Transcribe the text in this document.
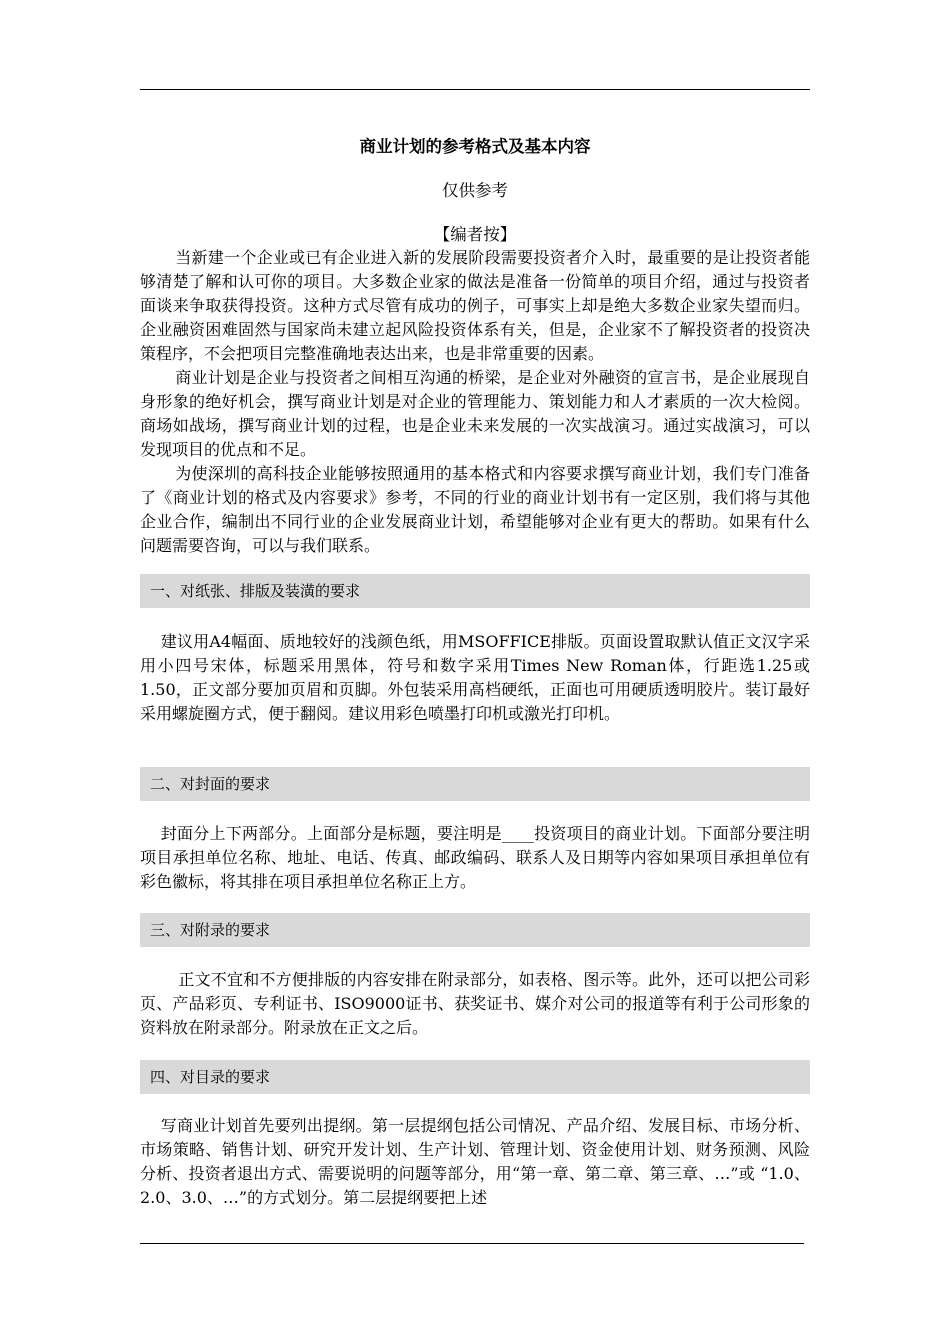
商业计划的参考格式及基本内容
仅供参考
【编者按】

当新建一个企业或已有企业进入新的发展阶段需要投资者介入时，最重要的是让投资者能够清楚了解和认可你的项目。大多数企业家的做法是准备一份简单的项目介绍，通过与投资者面谈来争取获得投资。这种方式尽管有成功的例子，可事实上却是绝大多数企业家失望而归。企业融资困难固然与国家尚未建立起风险投资体系有关，但是，企业家不了解投资者的投资决策程序，不会把项目完整准确地表达出来，也是非常重要的因素。

商业计划是企业与投资者之间相互沟通的桥梁，是企业对外融资的宣言书，是企业展现自身形象的绝好机会，撰写商业计划是对企业的管理能力、策划能力和人才素质的一次大检阅。商场如战场，撰写商业计划的过程，也是企业未来发展的一次实战演习。通过实战演习，可以发现项目的优点和不足。

为使深圳的高科技企业能够按照通用的基本格式和内容要求撰写商业计划，我们专门准备了《商业计划的格式及内容要求》参考，不同的行业的商业计划书有一定区别，我们将与其他企业合作，编制出不同行业的企业发展商业计划，希望能够对企业有更大的帮助。如果有什么问题需要咨询，可以与我们联系。

一、对纸张、排版及装潢的要求

建议用A4幅面、质地较好的浅颜色纸，用MSOFFICE排版。页面设置取默认值正文汉字采用小四号宋体，标题采用黑体，符号和数字采用Times New Roman体，行距选1.25或1.50，正文部分要加页眉和页脚。外包装采用高档硬纸，正面也可用硬质透明胶片。装订最好采用螺旋圈方式，便于翻阅。建议用彩色喷墨打印机或激光打印机。

二、对封面的要求

封面分上下两部分。上面部分是标题，要注明是____投资项目的商业计划。下面部分要注明项目承担单位名称、地址、电话、传真、邮政编码、联系人及日期等内容如果项目承担单位有彩色徽标，将其排在项目承担单位名称正上方。

三、对附录的要求

正文不宜和不方便排版的内容安排在附录部分，如表格、图示等。此外，还可以把公司彩页、产品彩页、专利证书、ISO9000证书、获奖证书、媒介对公司的报道等有利于公司形象的资料放在附录部分。附录放在正文之后。

四、对目录的要求

写商业计划首先要列出提纲。第一层提纲包括公司情况、产品介绍、发展目标、市场分析、市场策略、销售计划、研究开发计划、生产计划、管理计划、资金使用计划、财务预测、风险分析、投资者退出方式、需要说明的问题等部分，用“第一章、第二章、第三章、…”或 “1.0、2.0、3.0、…”的方式划分。第二层提纲要把上述
